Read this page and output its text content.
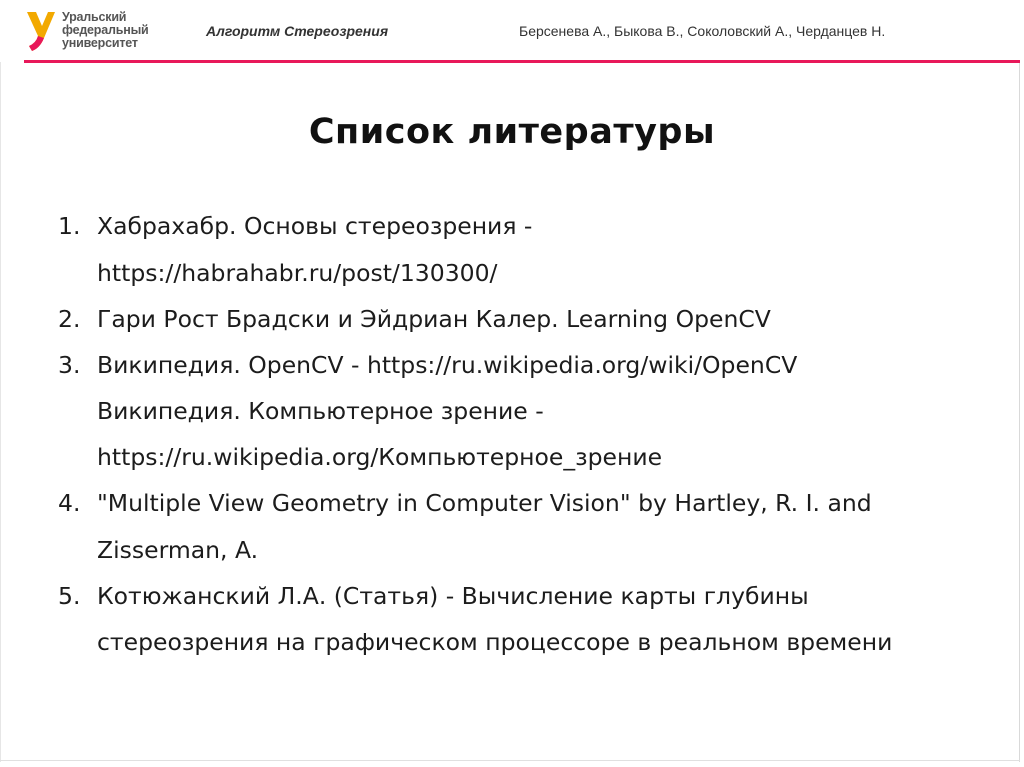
Уральский
федеральный
университет
Алгоритм Стереозрения	Берсенева А., Быкова В., Соколовский А., Черданцев Н.
Список литературы
1. Хабрахабр. Основы стереозрения -
https://habrahabr.ru/post/130300/
2. Гари Рост Брадски и Эйдриан Калер. Learning OpenCV
3. Википедия. OpenCV - https://ru.wikipedia.org/wiki/OpenCV
Википедия. Компьютерное зрение -
https://ru.wikipedia.org/Компьютерное_зрение
4. "Multiple View Geometry in Computer Vision" by Hartley, R. I. and
Zisserman, A.
5. Котюжанский Л.А. (Статья) - Вычисление карты глубины
стереозрения на графическом процессоре в реальном времени
